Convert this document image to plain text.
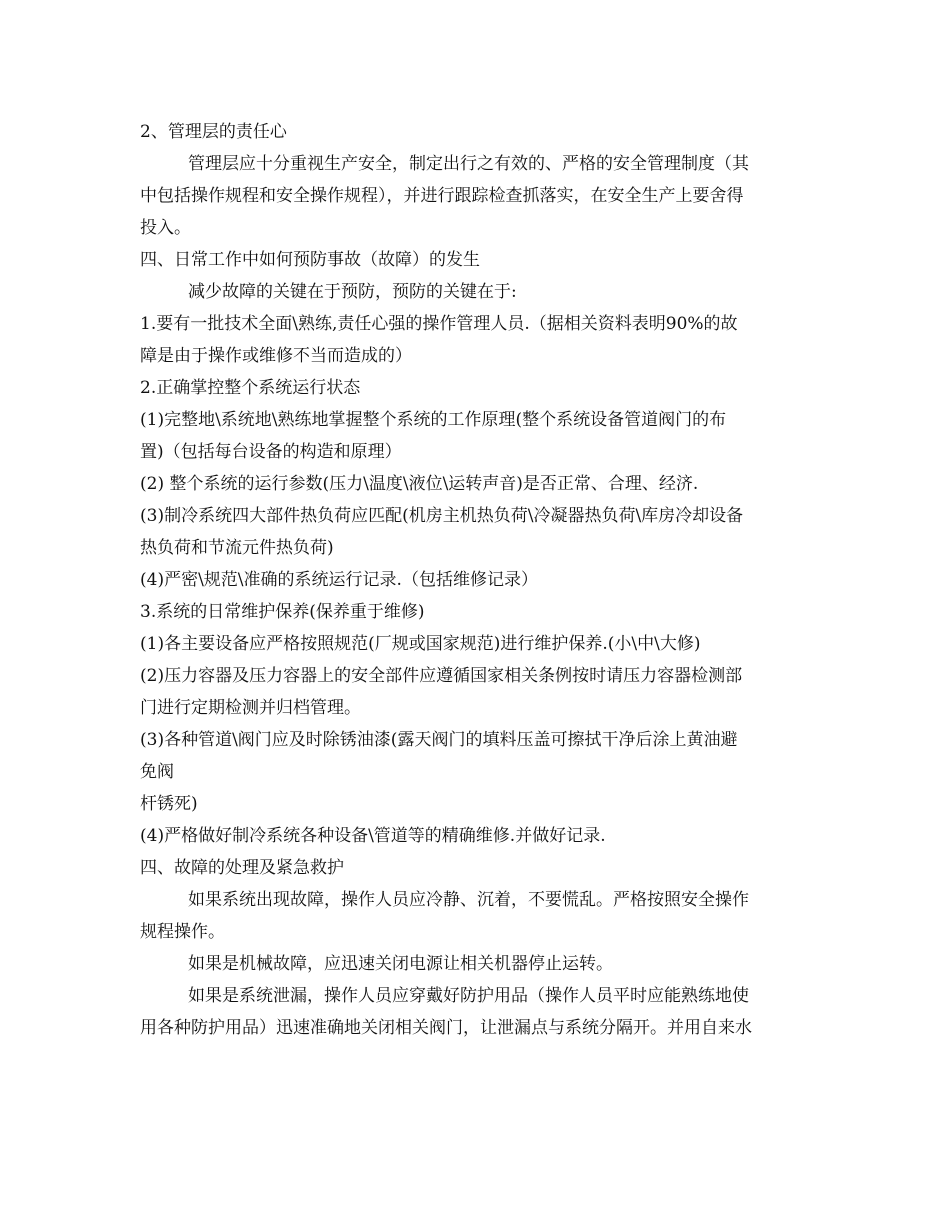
2、管理层的责任心
管理层应十分重视生产安全，制定出行之有效的、严格的安全管理制度（其
中包括操作规程和安全操作规程），并进行跟踪检查抓落实，在安全生产上要舍得
投入。
四、日常工作中如何预防事故（故障）的发生
减少故障的关键在于预防，预防的关键在于:
1.要有一批技术全面\熟练,责任心强的操作管理人员.（据相关资料表明90%的故
障是由于操作或维修不当而造成的）
2.正确掌控整个系统运行状态
(1)完整地\系统地\熟练地掌握整个系统的工作原理(整个系统设备管道阀门的布
置)（包括每台设备的构造和原理）
(2) 整个系统的运行参数(压力\温度\液位\运转声音)是否正常、合理、经济.
(3)制冷系统四大部件热负荷应匹配(机房主机热负荷\冷凝器热负荷\库房冷却设备
热负荷和节流元件热负荷)
(4)严密\规范\准确的系统运行记录.（包括维修记录）
3.系统的日常维护保养(保养重于维修)
(1)各主要设备应严格按照规范(厂规或国家规范)进行维护保养.(小\中\大修)
(2)压力容器及压力容器上的安全部件应遵循国家相关条例按时请压力容器检测部
门进行定期检测并归档管理。
(3)各种管道\阀门应及时除锈油漆(露天阀门的填料压盖可擦拭干净后涂上黄油避
免阀
杆锈死)
(4)严格做好制冷系统各种设备\管道等的精确维修.并做好记录.
四、故障的处理及紧急救护
如果系统出现故障，操作人员应冷静、沉着，不要慌乱。严格按照安全操作
规程操作。
如果是机械故障，应迅速关闭电源让相关机器停止运转。
如果是系统泄漏，操作人员应穿戴好防护用品（操作人员平时应能熟练地使
用各种防护用品）迅速准确地关闭相关阀门，让泄漏点与系统分隔开。并用自来水
